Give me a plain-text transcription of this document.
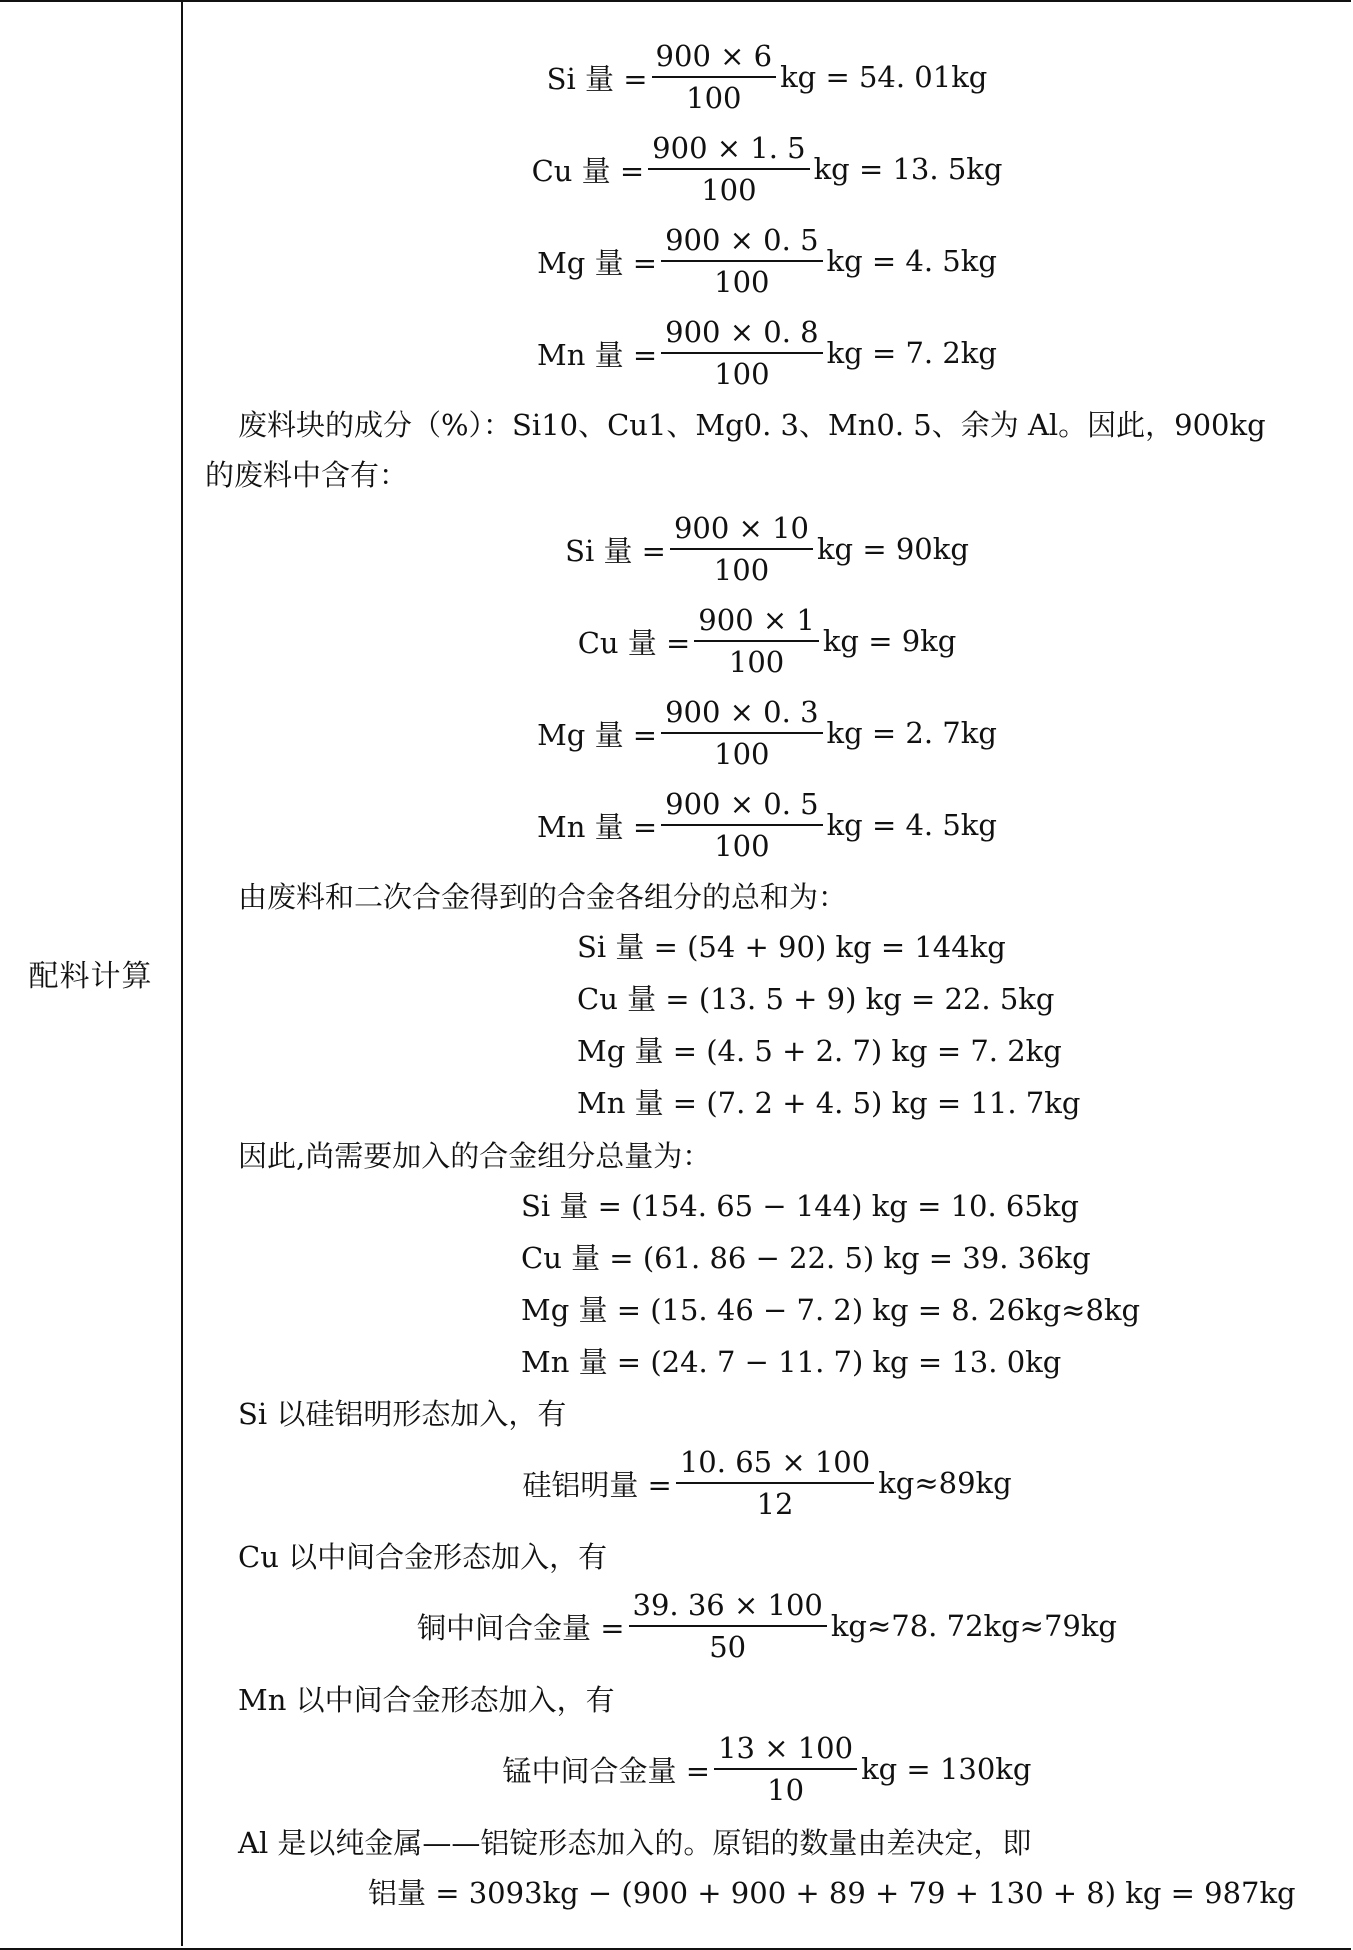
配料计算
Si 量 = $\frac{900 \times 6}{100}$ kg = 54. 01kg
Cu 量 = $\frac{900 \times 1. 5}{100}$ kg = 13. 5kg
Mg 量 = $\frac{900 \times 0. 5}{100}$ kg = 4. 5kg
Mn 量 = $\frac{900 \times 0. 8}{100}$ kg = 7. 2kg
废料块的成分（%）：Si10、Cu1、Mg0. 3、Mn0. 5、余为 Al。因此，900kg
的废料中含有：
Si 量 = $\frac{900 \times 10}{100}$ kg = 90kg
Cu 量 = $\frac{900 \times 1}{100}$ kg = 9kg
Mg 量 = $\frac{900 \times 0. 3}{100}$ kg = 2. 7kg
Mn 量 = $\frac{900 \times 0. 5}{100}$ kg = 4. 5kg
由废料和二次合金得到的合金各组分的总和为：
Si 量 = (54 + 90) kg = 144kg
Cu 量 = (13. 5 + 9) kg = 22. 5kg
Mg 量 = (4. 5 + 2. 7) kg = 7. 2kg
Mn 量 = (7. 2 + 4. 5) kg = 11. 7kg
因此,尚需要加入的合金组分总量为：
Si 量 = (154. 65 − 144) kg = 10. 65kg
Cu 量 = (61. 86 − 22. 5) kg = 39. 36kg
Mg 量 = (15. 46 − 7. 2) kg = 8. 26kg≈8kg
Mn 量 = (24. 7 − 11. 7) kg = 13. 0kg
Si 以硅铝明形态加入，有
硅铝明量 = $\frac{10. 65 \times 100}{12} kg\approx 89kg$
Cu 以中间合金形态加入，有
铜中间合金量 = $\frac{39. 36 \times 100}{50} kg\approx 78$. 72kg≈79kg
Mn 以中间合金形态加入，有
锰中间合金量 = $\frac{13 \times 100}{10}$ kg = 130kg
Al 是以纯金属——铝锭形态加入的。原铝的数量由差决定，即
铝量 = 3093kg − (900 + 900 + 89 + 79 + 130 + 8) kg = 987kg
